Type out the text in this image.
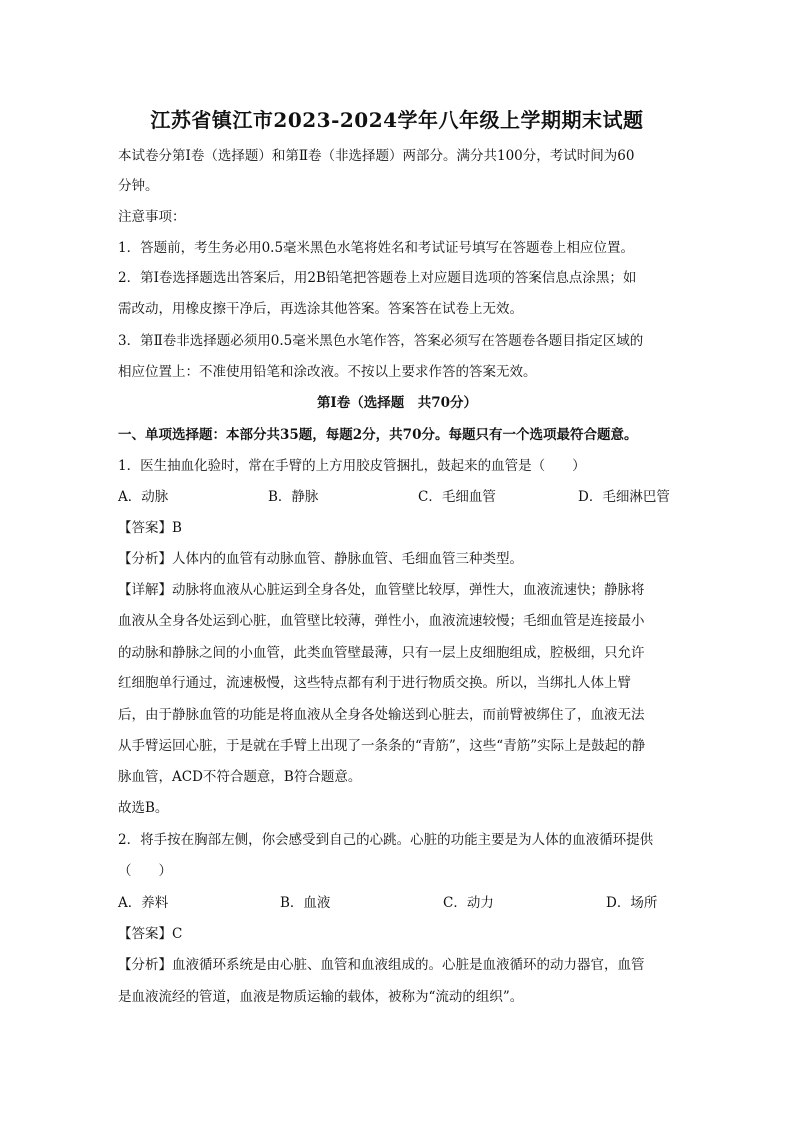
江苏省镇江市2023-2024学年八年级上学期期末试题
本试卷分第Ⅰ卷（选择题）和第Ⅱ卷（非选择题）两部分。满分共100分，考试时间为60
分钟。
注意事项：
1．答题前，考生务必用0.5毫米黑色水笔将姓名和考试证号填写在答题卷上相应位置。
2．第Ⅰ卷选择题选出答案后，用2B铅笔把答题卷上对应题目选项的答案信息点涂黑；如
需改动，用橡皮擦干净后，再选涂其他答案。答案答在试卷上无效。
3．第Ⅱ卷非选择题必须用0.5毫米黑色水笔作答，答案必须写在答题卷各题目指定区域的
相应位置上：不准使用铅笔和涂改液。不按以上要求作答的答案无效。
第Ⅰ卷（选择题　共70分）
一、单项选择题：本部分共35题，每题2分，共70分。每题只有一个选项最符合题意。
1．医生抽血化验时，常在手臂的上方用胶皮管捆扎，鼓起来的血管是（　　）
A．动脉	B．静脉	C．毛细血管	D．毛细淋巴管
【答案】B
【分析】人体内的血管有动脉血管、静脉血管、毛细血管三种类型。
【详解】动脉将血液从心脏运到全身各处，血管壁比较厚，弹性大，血液流速快；静脉将
血液从全身各处运到心脏，血管壁比较薄，弹性小，血液流速较慢；毛细血管是连接最小
的动脉和静脉之间的小血管，此类血管壁最薄，只有一层上皮细胞组成，腔极细，只允许
红细胞单行通过，流速极慢，这些特点都有利于进行物质交换。所以，当绑扎人体上臂
后，由于静脉血管的功能是将血液从全身各处输送到心脏去，而前臂被绑住了，血液无法
从手臂运回心脏，于是就在手臂上出现了一条条的“青筋”，这些“青筋”实际上是鼓起的静
脉血管，ACD不符合题意，B符合题意。
故选B。
2．将手按在胸部左侧，你会感受到自己的心跳。心脏的功能主要是为人体的血液循环提供
（　　）
A．养料	B．血液	C．动力	D．场所
【答案】C
【分析】血液循环系统是由心脏、血管和血液组成的。心脏是血液循环的动力器官，血管
是血液流经的管道，血液是物质运输的载体，被称为“流动的组织”。
